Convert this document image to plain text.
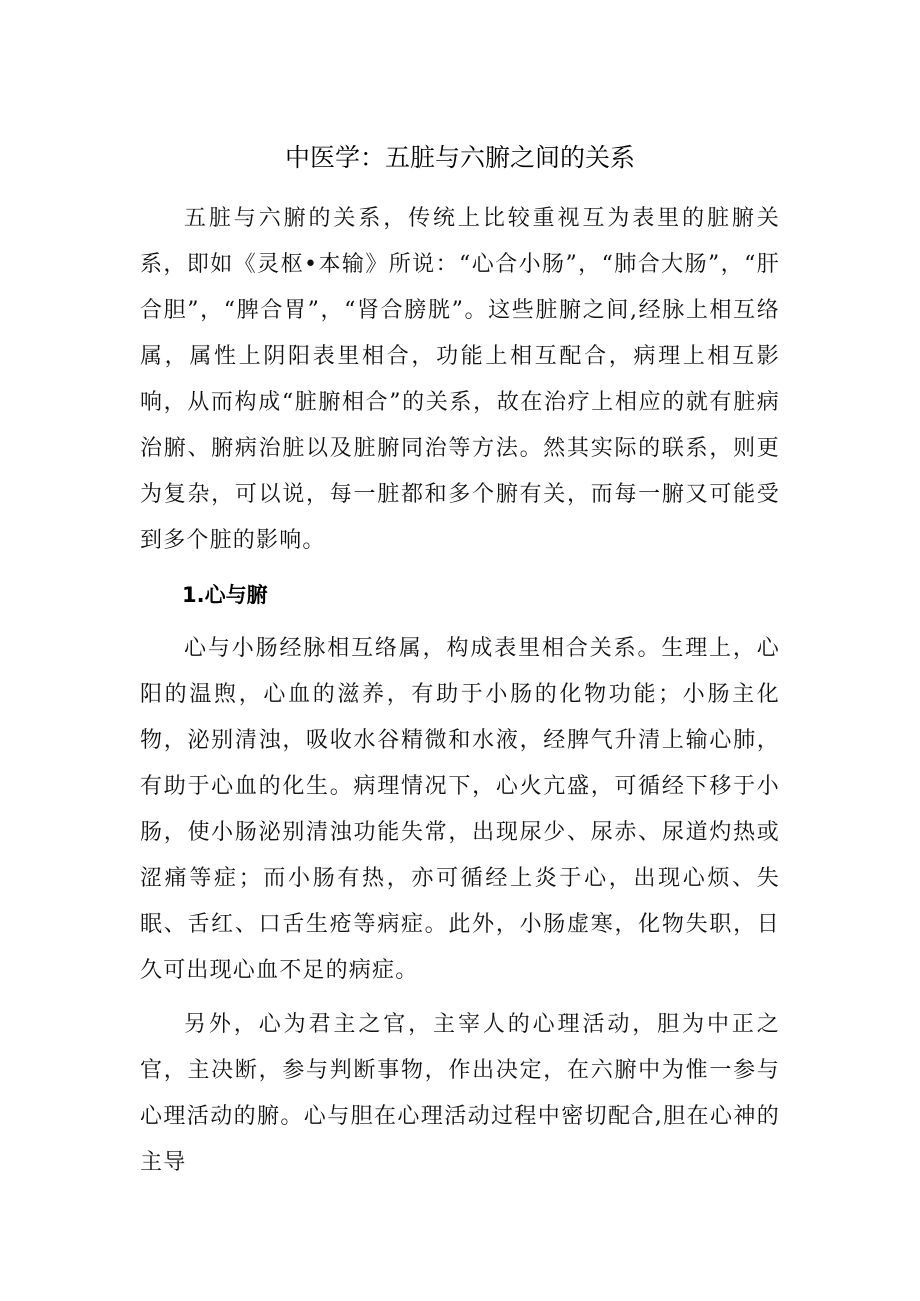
中医学：五脏与六腑之间的关系

五脏与六腑的关系，传统上比较重视互为表里的脏腑关系，即如《灵枢•本输》所说：“心合小肠”，“肺合大肠”，“肝合胆”，“脾合胃”，“肾合膀胱”。这些脏腑之间,经脉上相互络属，属性上阴阳表里相合，功能上相互配合，病理上相互影响，从而构成“脏腑相合”的关系，故在治疗上相应的就有脏病治腑、腑病治脏以及脏腑同治等方法。然其实际的联系，则更为复杂，可以说，每一脏都和多个腑有关，而每一腑又可能受到多个脏的影响。

1.心与腑

心与小肠经脉相互络属，构成表里相合关系。生理上，心阳的温煦，心血的滋养，有助于小肠的化物功能；小肠主化物，泌别清浊，吸收水谷精微和水液，经脾气升清上输心肺，有助于心血的化生。病理情况下，心火亢盛，可循经下移于小肠，使小肠泌别清浊功能失常，出现尿少、尿赤、尿道灼热或涩痛等症；而小肠有热，亦可循经上炎于心，出现心烦、失眠、舌红、口舌生疮等病症。此外，小肠虚寒，化物失职，日久可出现心血不足的病症。

另外，心为君主之官，主宰人的心理活动，胆为中正之官，主决断，参与判断事物，作出决定，在六腑中为惟一参与心理活动的腑。心与胆在心理活动过程中密切配合,胆在心神的主导
